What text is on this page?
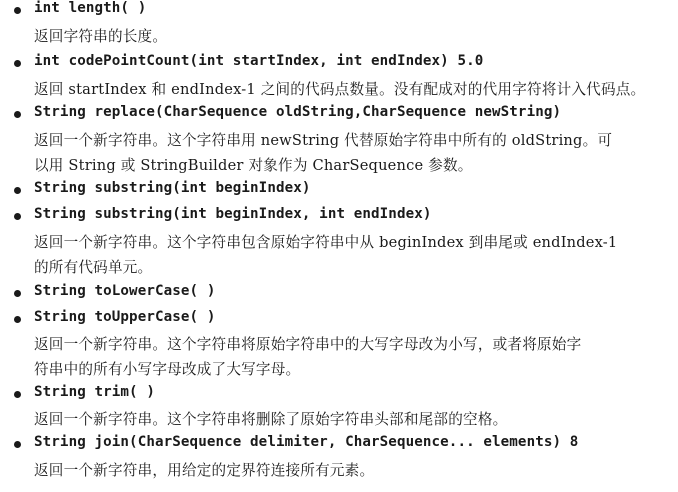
int length( )
返回字符串的长度。
int codePointCount(int startIndex, int endIndex) 5.0
返回 startIndex 和 endIndex-1 之间的代码点数量。没有配成对的代用字符将计入代码点。
String replace(CharSequence oldString,CharSequence newString)
返回一个新字符串。这个字符串用 newString 代替原始字符串中所有的 oldString。可
以用 String 或 StringBuilder 对象作为 CharSequence 参数。
String substring(int beginIndex)
String substring(int beginIndex, int endIndex)
返回一个新字符串。这个字符串包含原始字符串中从 beginIndex 到串尾或 endIndex-1
的所有代码单元。
String toLowerCase( )
String toUpperCase( )
返回一个新字符串。这个字符串将原始字符串中的大写字母改为小写，或者将原始字
符串中的所有小写字母改成了大写字母。
String trim( )
返回一个新字符串。这个字符串将删除了原始字符串头部和尾部的空格。
String join(CharSequence delimiter, CharSequence... elements) 8
返回一个新字符串，用给定的定界符连接所有元素。
